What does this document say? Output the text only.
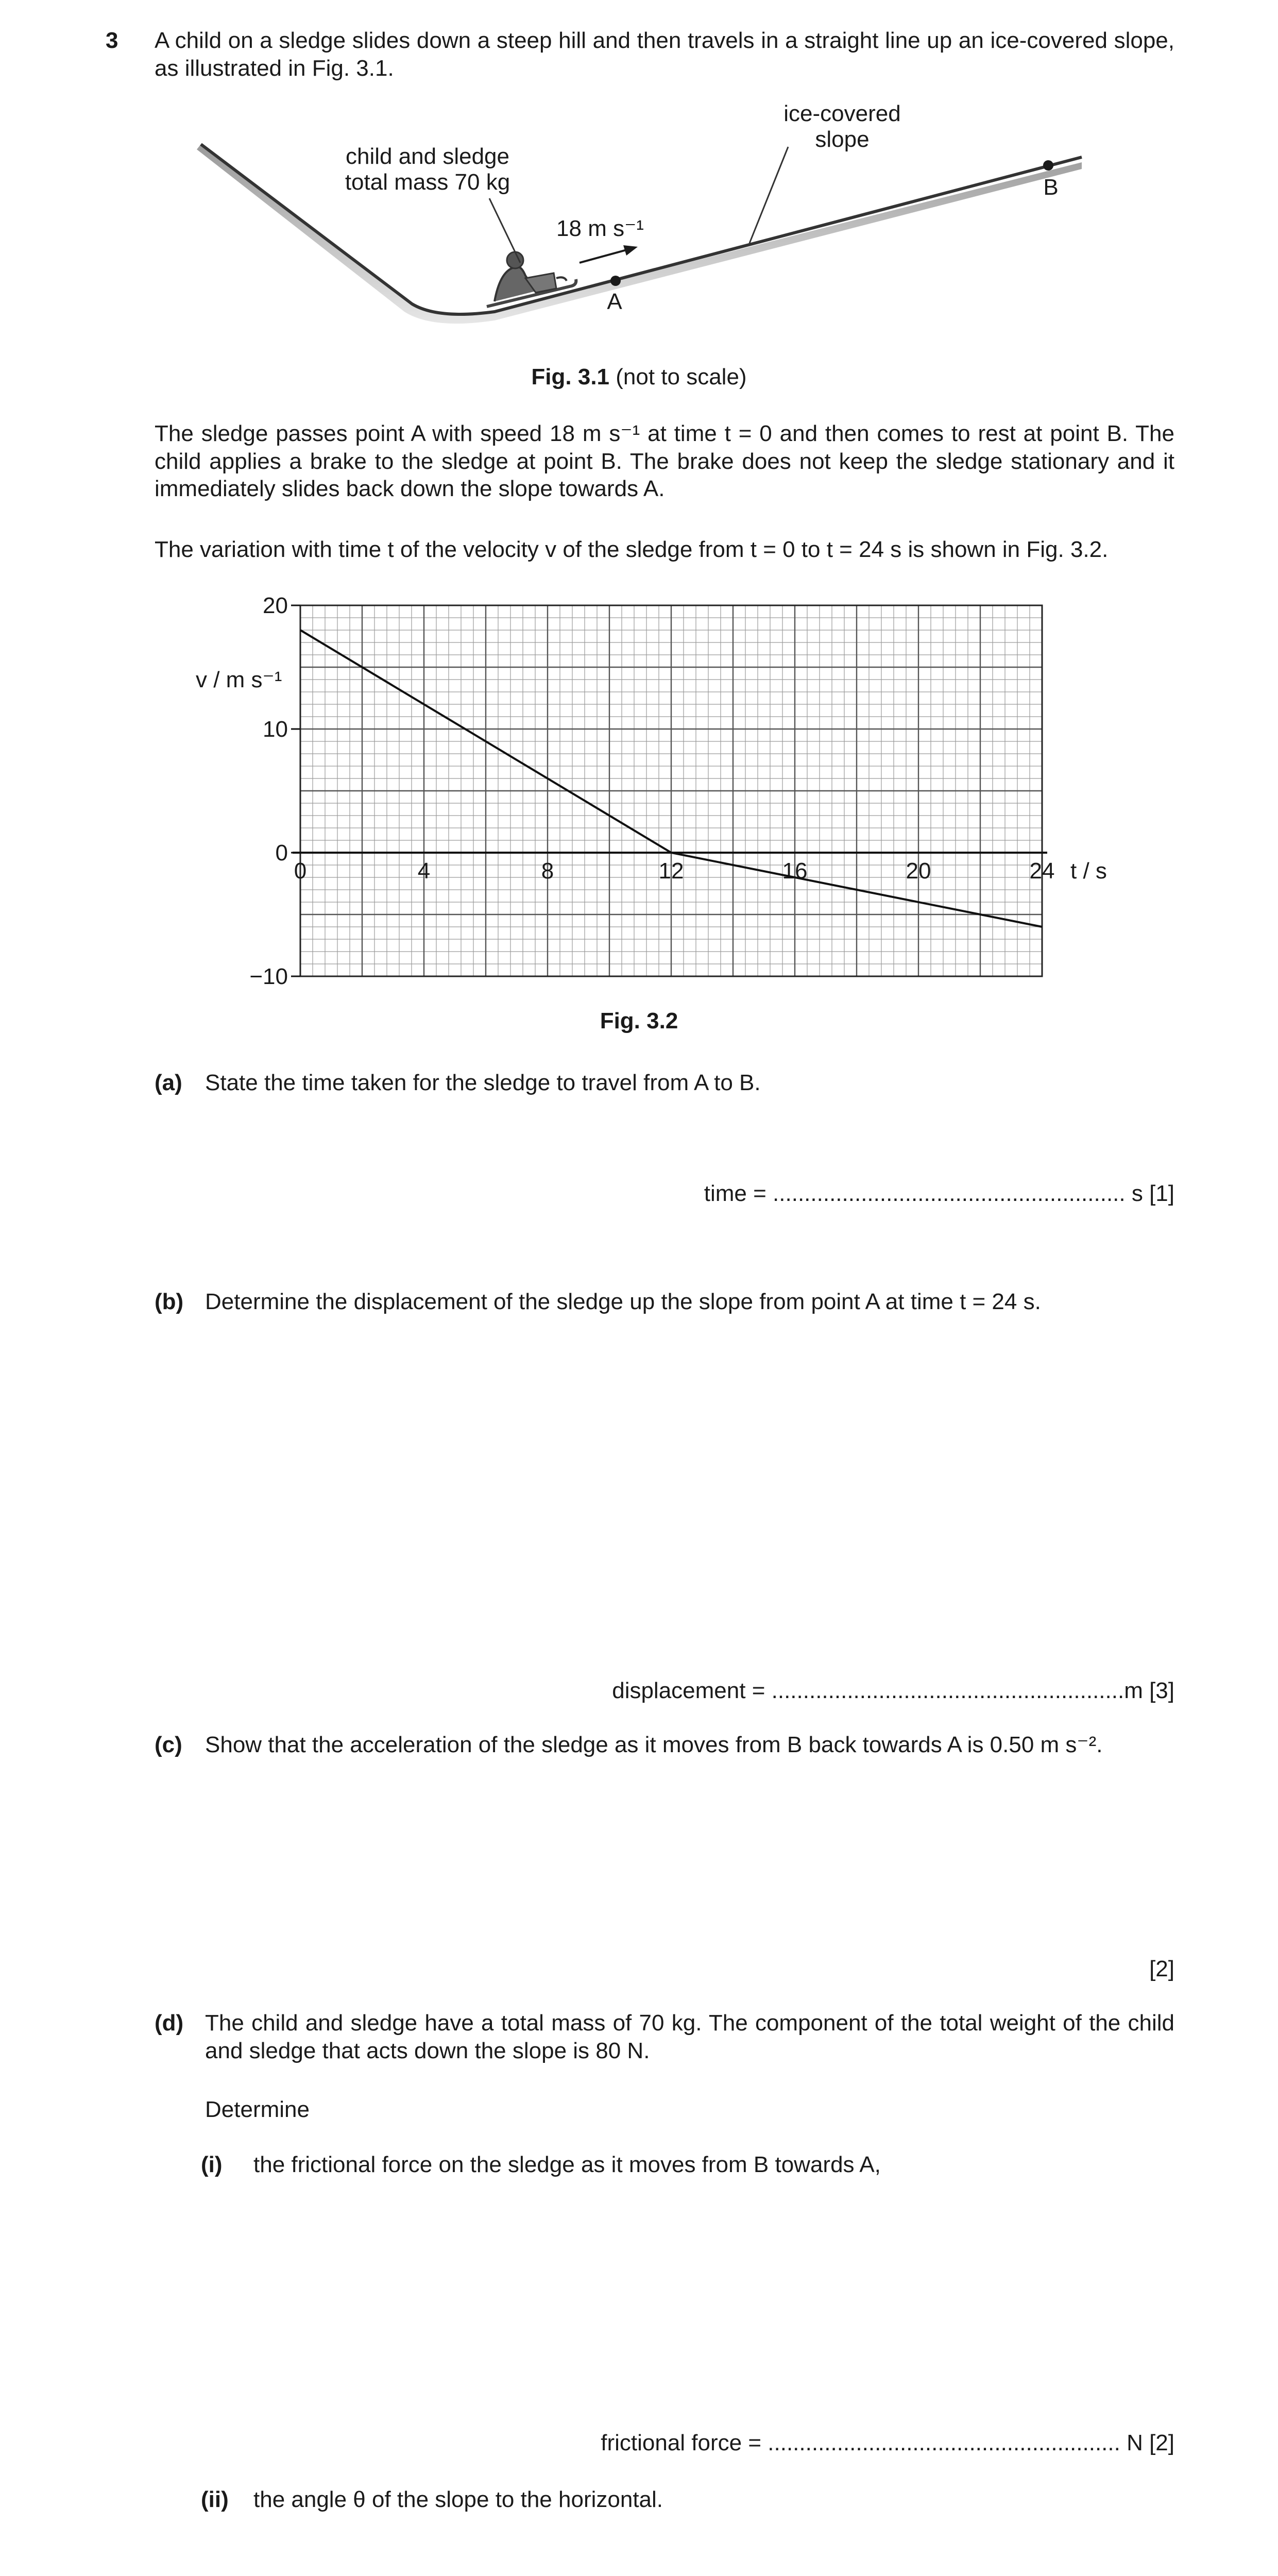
3 A child on a sledge slides down a steep hill and then travels in a straight line up an ice-covered slope, as illustrated in Fig. 3.1.
child and sledge
total mass 70 kg
ice-covered
slope
18 m s⁻¹
A
B
Fig. 3.1 (not to scale)
The sledge passes point A with speed 18 m s⁻¹ at time t = 0 and then comes to rest at point B. The child applies a brake to the sledge at point B. The brake does not keep the sledge stationary and it immediately slides back down the slope towards A.
The variation with time t of the velocity v of the sledge from t = 0 to t = 24 s is shown in Fig. 3.2.
−10
0
10
20
0	4	8	12	16	20	24 t / s
v / m s⁻¹
Fig. 3.2
(a) State the time taken for the sledge to travel from A to B.
time = ........................................................ s [1]
(b) Determine the displacement of the sledge up the slope from point A at time t = 24 s.
displacement = ........................................................m [3]
(c) Show that the acceleration of the sledge as it moves from B back towards A is 0.50 m s⁻².
[2]
(d) The child and sledge have a total mass of 70 kg. The component of the total weight of the child and sledge that acts down the slope is 80 N.
Determine
(i) the frictional force on the sledge as it moves from B towards A,
frictional force = ........................................................ N [2]
(ii) the angle θ of the slope to the horizontal.
